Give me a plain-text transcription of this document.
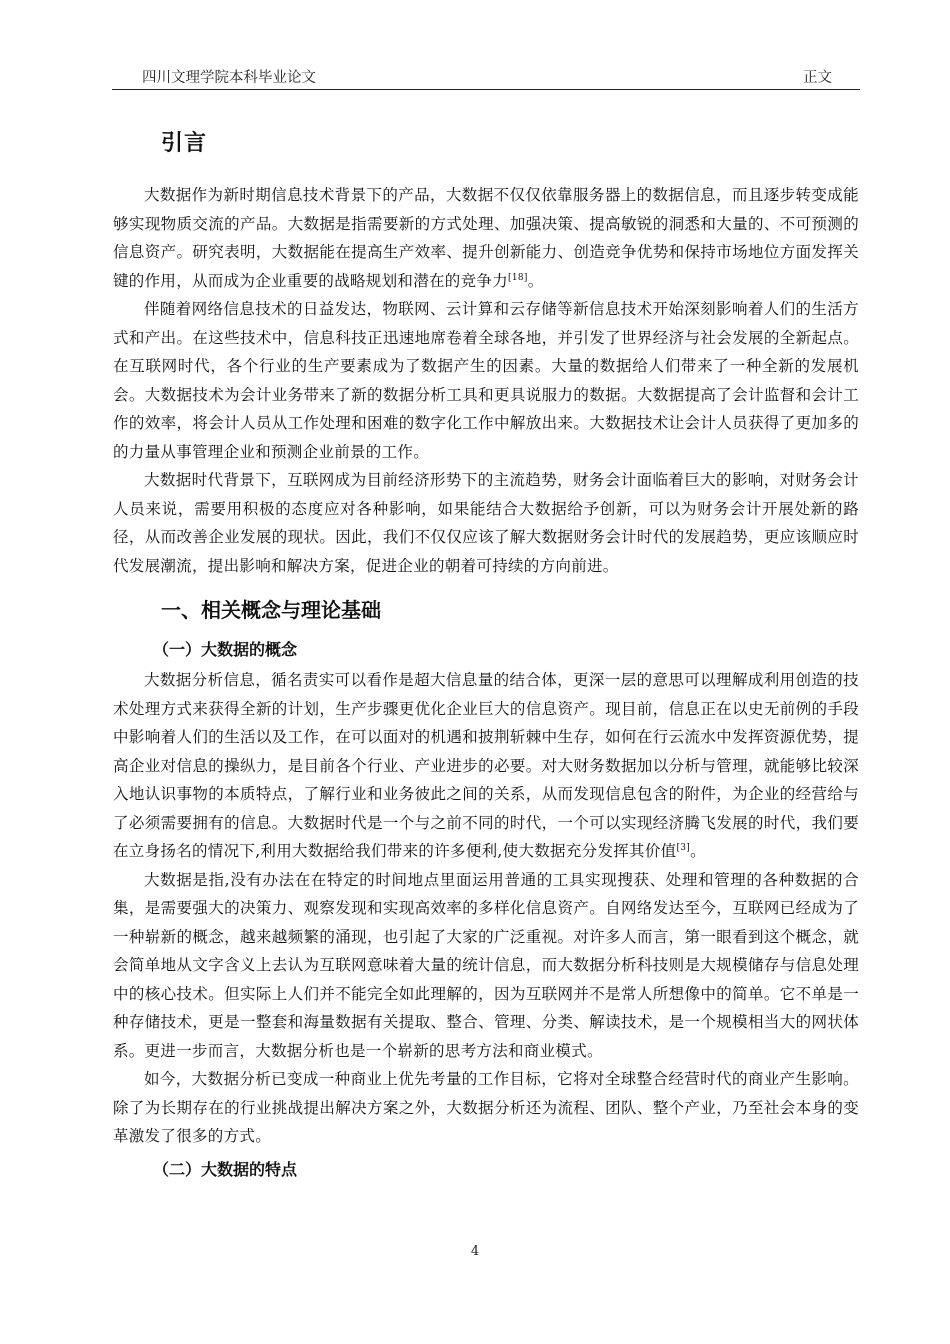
四川文理学院本科毕业论文	正文
引言

大数据作为新时期信息技术背景下的产品，大数据不仅仅依靠服务器上的数据信息，而且逐步转变成能够实现物质交流的产品。大数据是指需要新的方式处理、加强决策、提高敏锐的洞悉和大量的、不可预测的信息资产。研究表明，大数据能在提高生产效率、提升创新能力、创造竞争优势和保持市场地位方面发挥关键的作用，从而成为企业重要的战略规划和潜在的竞争力[18]。

伴随着网络信息技术的日益发达，物联网、云计算和云存储等新信息技术开始深刻影响着人们的生活方式和产出。在这些技术中，信息科技正迅速地席卷着全球各地，并引发了世界经济与社会发展的全新起点。在互联网时代，各个行业的生产要素成为了数据产生的因素。大量的数据给人们带来了一种全新的发展机会。大数据技术为会计业务带来了新的数据分析工具和更具说服力的数据。大数据提高了会计监督和会计工作的效率，将会计人员从工作处理和困难的数字化工作中解放出来。大数据技术让会计人员获得了更加多的的力量从事管理企业和预测企业前景的工作。

大数据时代背景下，互联网成为目前经济形势下的主流趋势，财务会计面临着巨大的影响，对财务会计人员来说，需要用积极的态度应对各种影响，如果能结合大数据给予创新，可以为财务会计开展处新的路径，从而改善企业发展的现状。因此，我们不仅仅应该了解大数据财务会计时代的发展趋势，更应该顺应时代发展潮流，提出影响和解决方案，促进企业的朝着可持续的方向前进。

一、相关概念与理论基础
（一）大数据的概念

大数据分析信息，循名责实可以看作是超大信息量的结合体，更深一层的意思可以理解成利用创造的技术处理方式来获得全新的计划，生产步骤更优化企业巨大的信息资产。现目前，信息正在以史无前例的手段中影响着人们的生活以及工作，在可以面对的机遇和披荆斩棘中生存，如何在行云流水中发挥资源优势，提高企业对信息的操纵力，是目前各个行业、产业进步的必要。对大财务数据加以分析与管理，就能够比较深入地认识事物的本质特点，了解行业和业务彼此之间的关系，从而发现信息包含的附件，为企业的经营给与了必须需要拥有的信息。大数据时代是一个与之前不同的时代，一个可以实现经济腾飞发展的时代，我们要在立身扬名的情况下,利用大数据给我们带来的许多便利,使大数据充分发挥其价值[3]。

大数据是指,没有办法在在特定的时间地点里面运用普通的工具实现搜获、处理和管理的各种数据的合集，是需要强大的决策力、观察发现和实现高效率的多样化信息资产。自网络发达至今，互联网已经成为了一种崭新的概念，越来越频繁的涌现，也引起了大家的广泛重视。对许多人而言，第一眼看到这个概念，就会简单地从文字含义上去认为互联网意味着大量的统计信息，而大数据分析科技则是大规模储存与信息处理中的核心技术。但实际上人们并不能完全如此理解的，因为互联网并不是常人所想像中的简单。它不单是一种存储技术，更是一整套和海量数据有关提取、整合、管理、分类、解读技术，是一个规模相当大的网状体系。更进一步而言，大数据分析也是一个崭新的思考方法和商业模式。

如今，大数据分析已变成一种商业上优先考量的工作目标，它将对全球整合经营时代的商业产生影响。除了为长期存在的行业挑战提出解决方案之外，大数据分析还为流程、团队、整个产业，乃至社会本身的变革激发了很多的方式。

（二）大数据的特点
4
